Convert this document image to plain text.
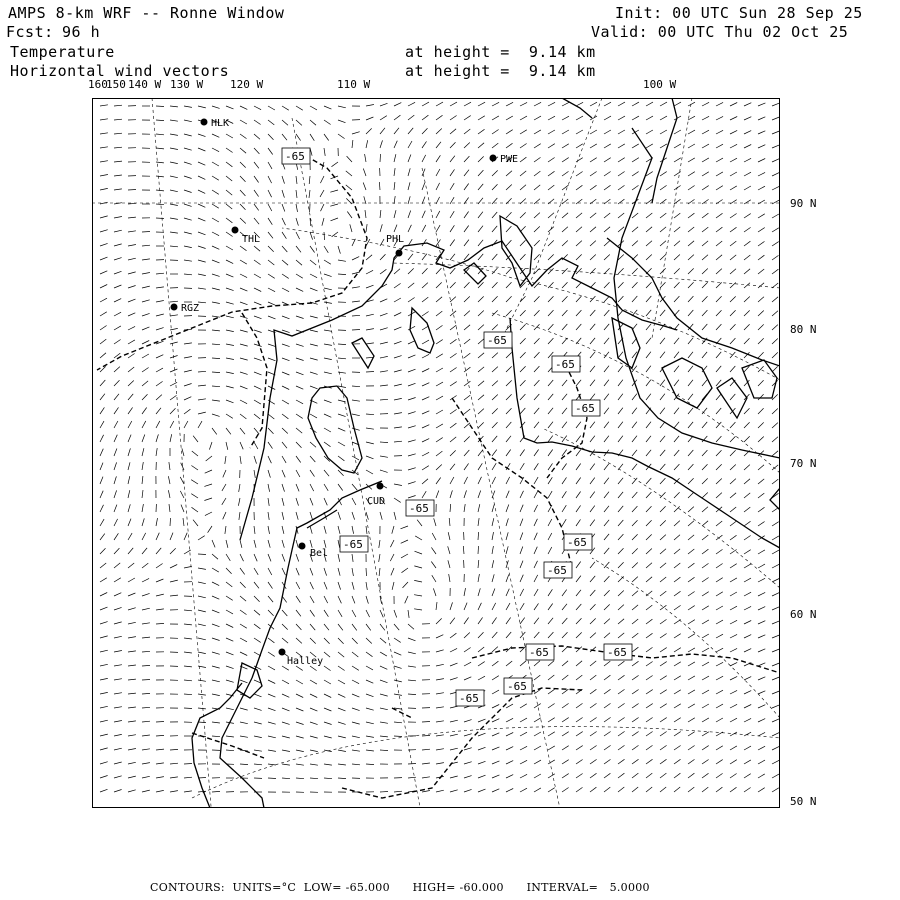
AMPS 8-km WRF -- Ronne Window	Init: 00 UTC Sun 28 Sep 25
Fcst: 96 h	Valid: 00 UTC Thu 02 Oct 25
Temperature	at height =  9.14 km
Horizontal wind vectors	at height =  9.14 km
160
150 140 W 130 W 120 W	110 W	100 W
90 N
80 N
70 N
60 N
50 N
HLK
PWE
THL	PHL
RGZ
CUD
Bel
Halley
-65
-65
-65
-65
-65
-65	-65
-65
-65	-65
-65
-65
CONTOURS:  UNITS=°C  LOW= -65.000      HIGH= -60.000      INTERVAL=   5.0000
